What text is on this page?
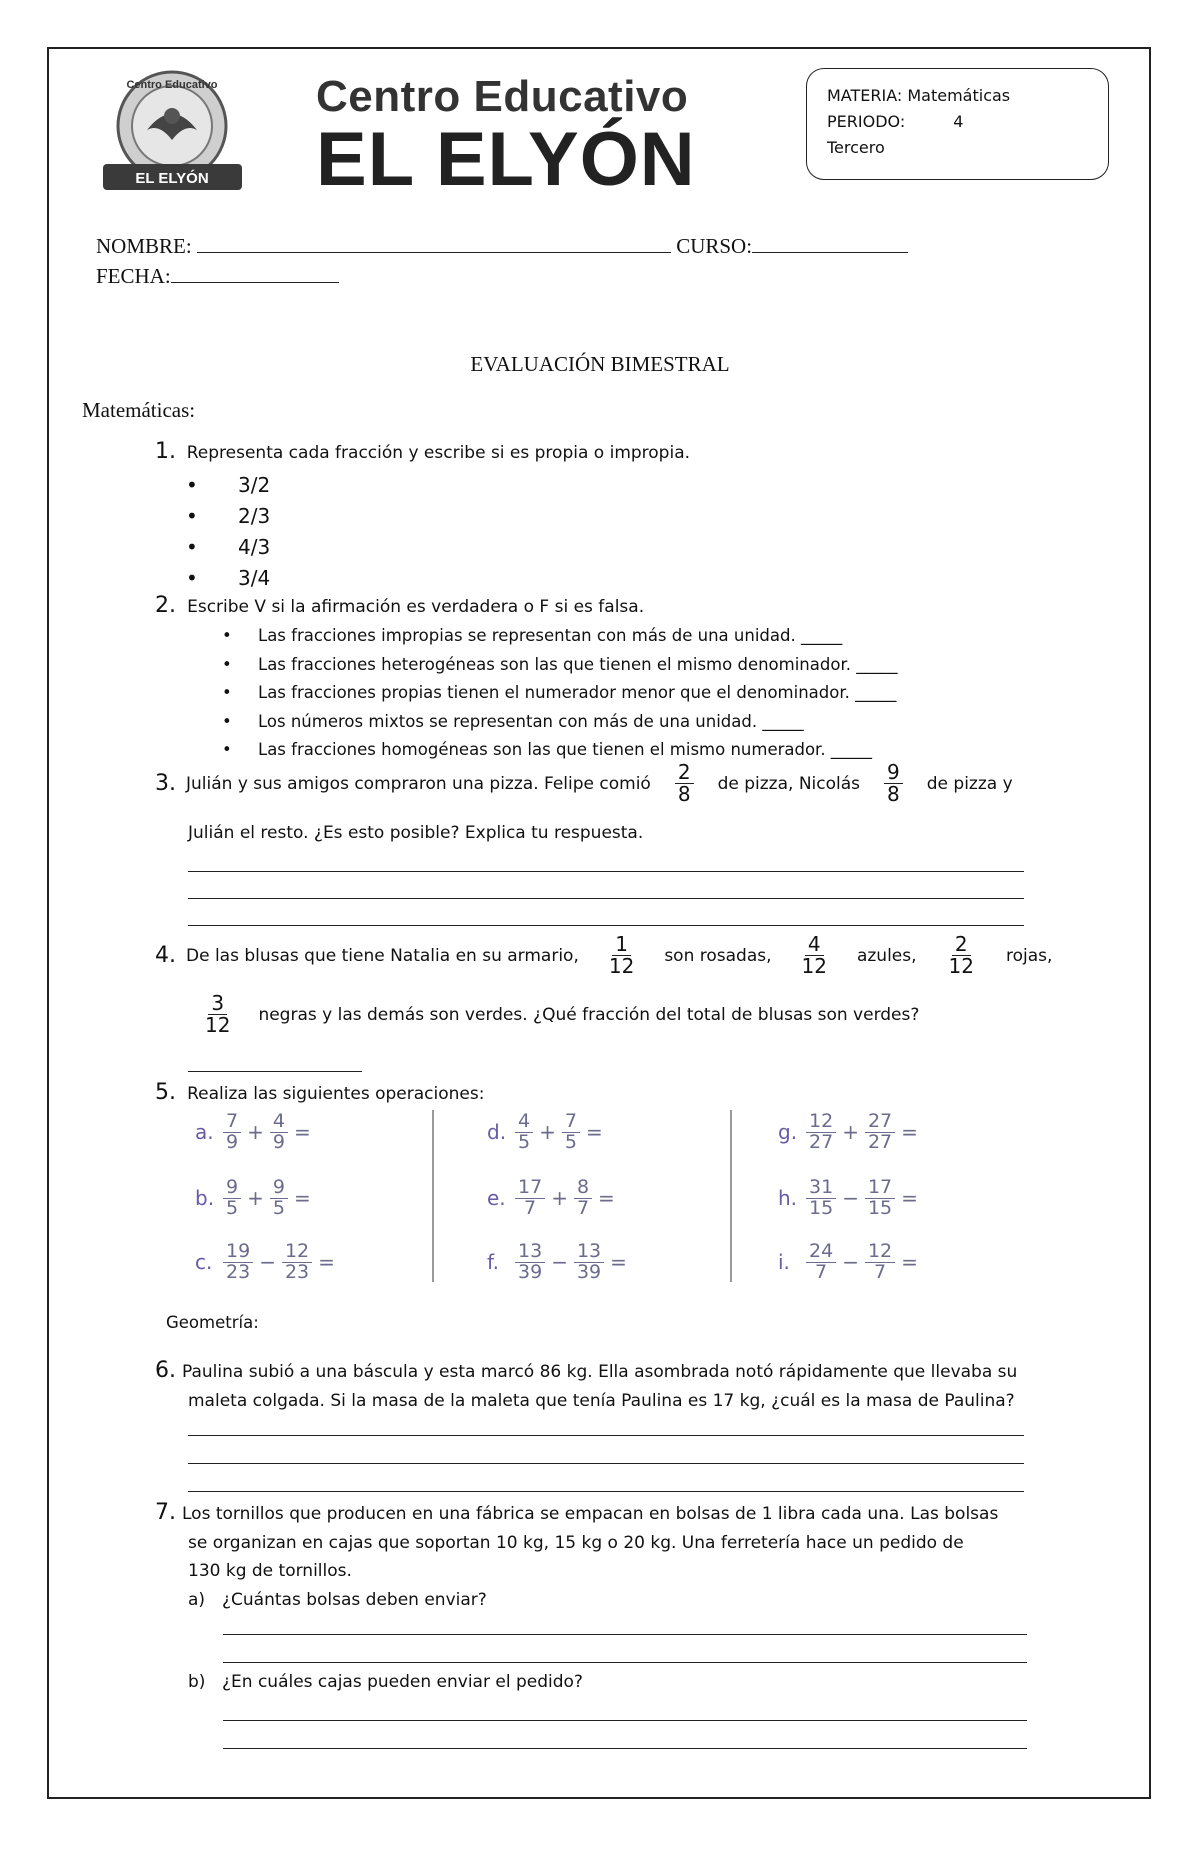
EL ELYÓN
Centro Educativo Centro Educativo
EL ELYÓN
MATERIA: Matemáticas
PERIODO:	4
Tercero
NOMBRE:	CURSO:
FECHA:
EVALUACIÓN BIMESTRAL
Matemáticas:
1. Representa cada fracción y escribe si es propia o impropia.
• 3/2
• 2/3
• 4/3
• 3/4
2. Escribe V si la afirmación es verdadera o F si es falsa.
• Las fracciones impropias se representan con más de una unidad. _____
• Las fracciones heterogéneas son las que tienen el mismo denominador. _____
• Las fracciones propias tienen el numerador menor que el denominador. _____
• Los números mixtos se representan con más de una unidad. _____
• Las fracciones homogéneas son las que tienen el mismo numerador. _____
3. Julián y sus amigos compraron una pizza. Felipe comió $\frac{2}{8}$ de pizza, Nicolás $\frac{9}{8}$ de pizza y
Julián el resto. ¿Es esto posible? Explica tu respuesta.
4. De las blusas que tiene Natalia en su armario, $\frac{1}{12}$ son rosadas, $\frac{4}{12}$ azules, $\frac{2}{12}$ rojas,
$\frac{3}{12}$ negras y las demás son verdes. ¿Qué fracción del total de blusas son verdes?
5. Realiza las siguientes operaciones:
a. $\frac{7}{9} + \frac{4}{9}$ =
b. $\frac{9}{5} + \frac{9}{5}$ =
c. $\frac{19}{23} - \frac{12}{23}$ =
d. $\frac{4}{5} + \frac{7}{5}$ =
e. $\frac{17}{7} + \frac{8}{7}$ =
f. $\frac{13}{39} - \frac{13}{39}$ =
g. $\frac{12}{27} + \frac{27}{27}$ =
h. $\frac{31}{15} - \frac{17}{15}$ =
i. $\frac{24}{7} - \frac{12}{7}$ =
Geometría:
6. Paulina subió a una báscula y esta marcó 86 kg. Ella asombrada notó rápidamente que llevaba su
maleta colgada. Si la masa de la maleta que tenía Paulina es 17 kg, ¿cuál es la masa de Paulina?
7. Los tornillos que producen en una fábrica se empacan en bolsas de 1 libra cada una. Las bolsas
se organizan en cajas que soportan 10 kg, 15 kg o 20 kg. Una ferretería hace un pedido de
130 kg de tornillos.
a) ¿Cuántas bolsas deben enviar?
b) ¿En cuáles cajas pueden enviar el pedido?
